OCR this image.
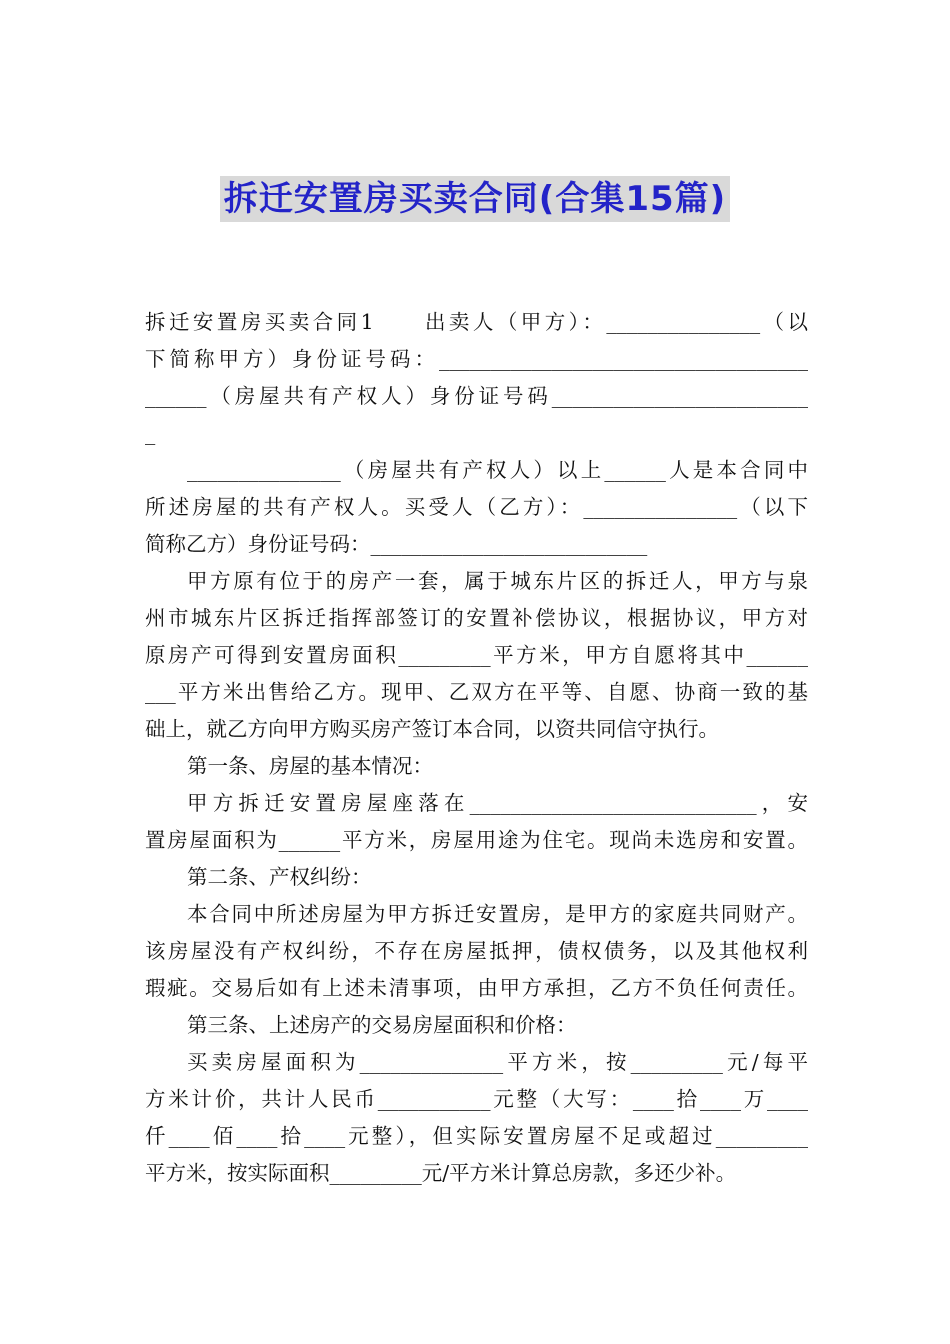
拆迁安置房买卖合同(合集15篇)
拆迁安置房买卖合同1　　出卖人（甲方）：_______________（以
下简称甲方）身份证号码：____________________________________
______（房屋共有产权人）身份证号码_________________________
_
_______________（房屋共有产权人）以上______人是本合同中
所述房屋的共有产权人。买受人（乙方）：_______________（以下
简称乙方）身份证号码：___________________________
甲方原有位于的房产一套，属于城东片区的拆迁人，甲方与泉
州市城东片区拆迁指挥部签订的安置补偿协议，根据协议，甲方对
原房产可得到安置房面积_________平方米，甲方自愿将其中______
___平方米出售给乙方。现甲、乙双方在平等、自愿、协商一致的基
础上，就乙方向甲方购买房产签订本合同，以资共同信守执行。
第一条、房屋的基本情况：
甲方拆迁安置房屋座落在____________________________，安
置房屋面积为______平方米，房屋用途为住宅。现尚未选房和安置。
第二条、产权纠纷：
本合同中所述房屋为甲方拆迁安置房，是甲方的家庭共同财产。
该房屋没有产权纠纷，不存在房屋抵押，债权债务，以及其他权利
瑕疵。交易后如有上述未清事项，由甲方承担，乙方不负任何责任。
第三条、上述房产的交易房屋面积和价格：
买卖房屋面积为______________平方米，按_________元/每平
方米计价，共计人民币___________元整（大写：____拾____万____
仟____佰____拾____元整），但实际安置房屋不足或超过_________
平方米，按实际面积_________元/平方米计算总房款，多还少补。
